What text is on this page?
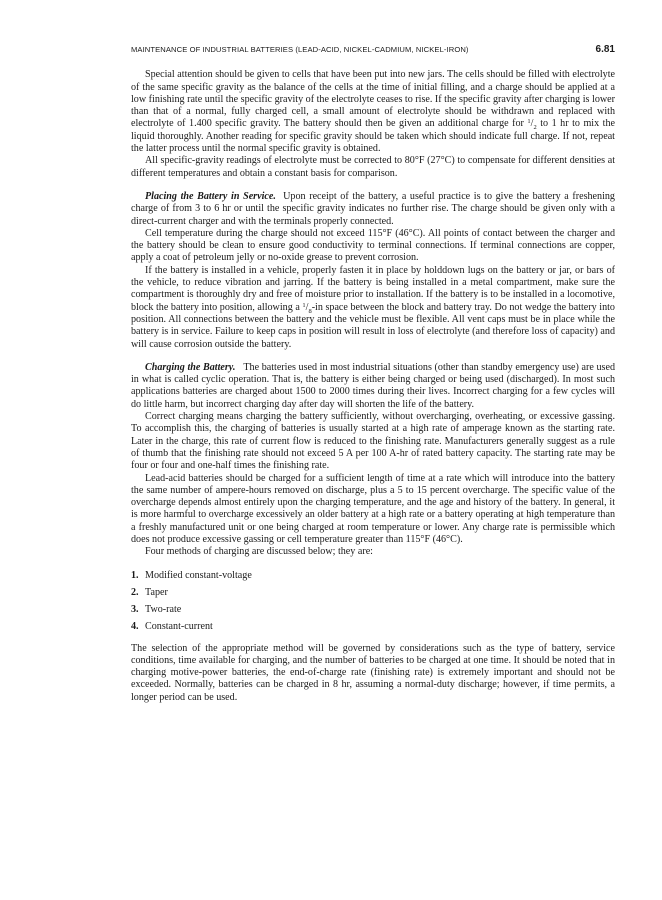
MAINTENANCE OF INDUSTRIAL BATTERIES (LEAD-ACID, NICKEL-CADMIUM, NICKEL-IRON)	6.81

Special attention should be given to cells that have been put into new jars. The cells should be filled with electrolyte of the same specific gravity as the balance of the cells at the time of initial filling, and a charge should be applied at a low finishing rate until the specific gravity of the electrolyte ceases to rise. If the specific gravity after charging is lower than that of a normal, fully charged cell, a small amount of electrolyte should be withdrawn and replaced with electrolyte of 1.400 specific gravity. The battery should then be given an additional charge for $^1/_2$ to 1 hr to mix the liquid thoroughly. Another reading for specific gravity should be taken which should indicate full charge. If not, repeat the latter process until the normal specific gravity is obtained.

All specific-gravity readings of electrolyte must be corrected to 80°F (27°C) to compensate for different densities at different temperatures and obtain a constant basis for comparison.

Placing the Battery in Service. Upon receipt of the battery, a useful practice is to give the battery a freshening charge of from 3 to 6 hr or until the specific gravity indicates no further rise. The charge should be given only with a direct-current charger and with the terminals properly connected.

Cell temperature during the charge should not exceed 115°F (46°C). All points of contact between the charger and the battery should be clean to ensure good conductivity to terminal connections. If terminal connections are copper, apply a coat of petroleum jelly or no-oxide grease to prevent corrosion.

If the battery is installed in a vehicle, properly fasten it in place by holddown lugs on the battery or jar, or bars of the vehicle, to reduce vibration and jarring. If the battery is being installed in a metal compartment, make sure the compartment is thoroughly dry and free of moisture prior to installation. If the battery is to be installed in a locomotive, block the battery into position, allowing a $^1/_8-in$ space between the block and battery tray. Do not wedge the battery into position. All connections between the battery and the vehicle must be flexible. All vent caps must be in place while the battery is in service. Failure to keep caps in position will result in loss of electrolyte (and therefore loss of capacity) and will cause corrosion outside the battery.

Charging the Battery. The batteries used in most industrial situations (other than standby emergency use) are used in what is called cyclic operation. That is, the battery is either being charged or being used (discharged). In most such applications batteries are charged about 1500 to 2000 times during their lives. Incorrect charging for a few cycles will do little harm, but incorrect charging day after day will shorten the life of the battery.

Correct charging means charging the battery sufficiently, without overcharging, overheating, or excessive gassing. To accomplish this, the charging of batteries is usually started at a high rate of amperage known as the starting rate. Later in the charge, this rate of current flow is reduced to the finishing rate. Manufacturers generally suggest as a rule of thumb that the finishing rate should not exceed 5 A per 100 A-hr of rated battery capacity. The starting rate may be four or four and one-half times the finishing rate.

Lead-acid batteries should be charged for a sufficient length of time at a rate which will introduce into the battery the same number of ampere-hours removed on discharge, plus a 5 to 15 percent overcharge. The specific value of the overcharge depends almost entirely upon the charging temperature, and the age and history of the battery. In general, it is more harmful to overcharge excessively an older battery at a high rate or a battery operating at high temperature than a freshly manufactured unit or one being charged at room temperature or lower. Any charge rate is permissible which does not produce excessive gassing or cell temperature greater than 115°F (46°C).

Four methods of charging are discussed below; they are:

1. Modified constant-voltage
2. Taper
3. Two-rate
4. Constant-current

The selection of the appropriate method will be governed by considerations such as the type of battery, service conditions, time available for charging, and the number of batteries to be charged at one time. It should be noted that in charging motive-power batteries, the end-of-charge rate (finishing rate) is extremely important and should not be exceeded. Normally, batteries can be charged in 8 hr, assuming a normal-duty discharge; however, if time permits, a longer period can be used.
